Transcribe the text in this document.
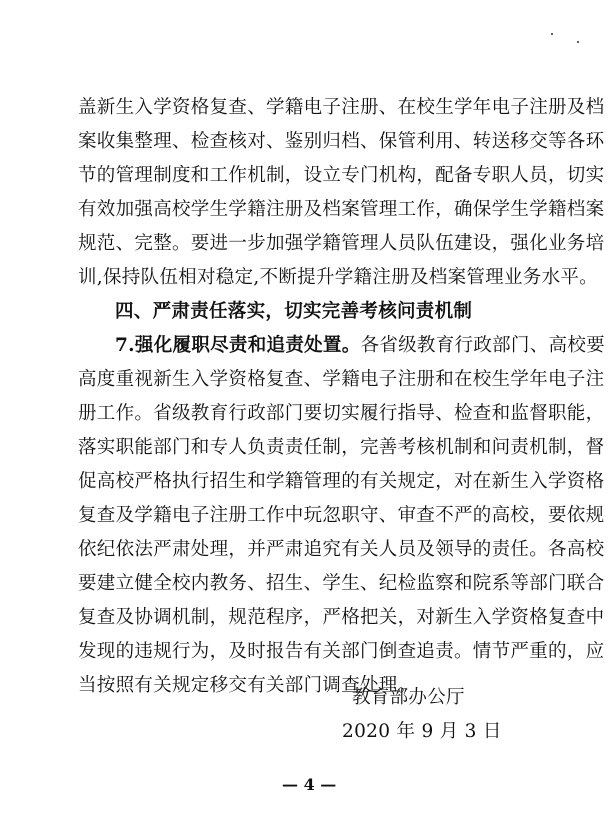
盖新生入学资格复查、学籍电子注册、在校生学年电子注册及档
案收集整理、检查核对、鉴别归档、保管利用、转送移交等各环
节的管理制度和工作机制，设立专门机构，配备专职人员，切实
有效加强高校学生学籍注册及档案管理工作，确保学生学籍档案
规范、完整。要进一步加强学籍管理人员队伍建设，强化业务培
训,保持队伍相对稳定,不断提升学籍注册及档案管理业务水平。
四、严肃责任落实，切实完善考核问责机制
7.强化履职尽责和追责处置。各省级教育行政部门、高校要
高度重视新生入学资格复查、学籍电子注册和在校生学年电子注
册工作。省级教育行政部门要切实履行指导、检查和监督职能，
落实职能部门和专人负责责任制，完善考核机制和问责机制，督
促高校严格执行招生和学籍管理的有关规定，对在新生入学资格
复查及学籍电子注册工作中玩忽职守、审查不严的高校，要依规
依纪依法严肃处理，并严肃追究有关人员及领导的责任。各高校
要建立健全校内教务、招生、学生、纪检监察和院系等部门联合
复查及协调机制，规范程序，严格把关，对新生入学资格复查中
发现的违规行为，及时报告有关部门倒查追责。情节严重的，应
当按照有关规定移交有关部门调查处理。
教育部办公厅
2020 年 9 月 3 日
— 4 —
